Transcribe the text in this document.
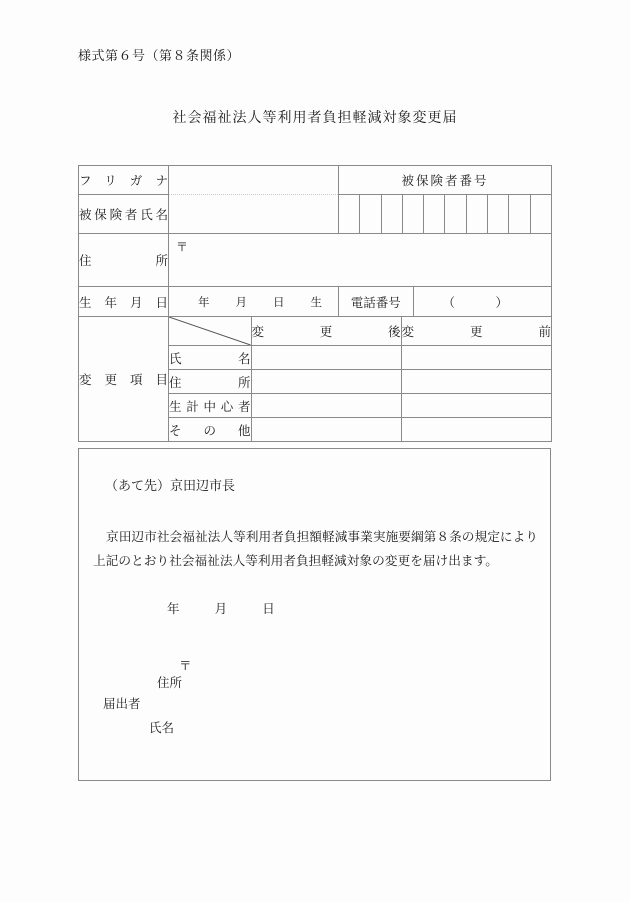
様式第６号（第８条関係）
社会福祉法人等利用者負担軽減対象変更届
フリガナ		被保険者番号
被保険者氏名		

住所	
〒

生年月日	年 月 日 生
	電話番号	（　）

変更項目	
	変更後	変更前
氏名		
住所		
生計中心者		
その他		
（あて先）京田辺市長
京田辺市社会福祉法人等利用者負担額軽減事業実施要綱第８条の規定により上記のとおり社会福祉法人等利用者負担軽減対象の変更を届け出ます。
年	月	日
〒
住所
届出者
氏名
